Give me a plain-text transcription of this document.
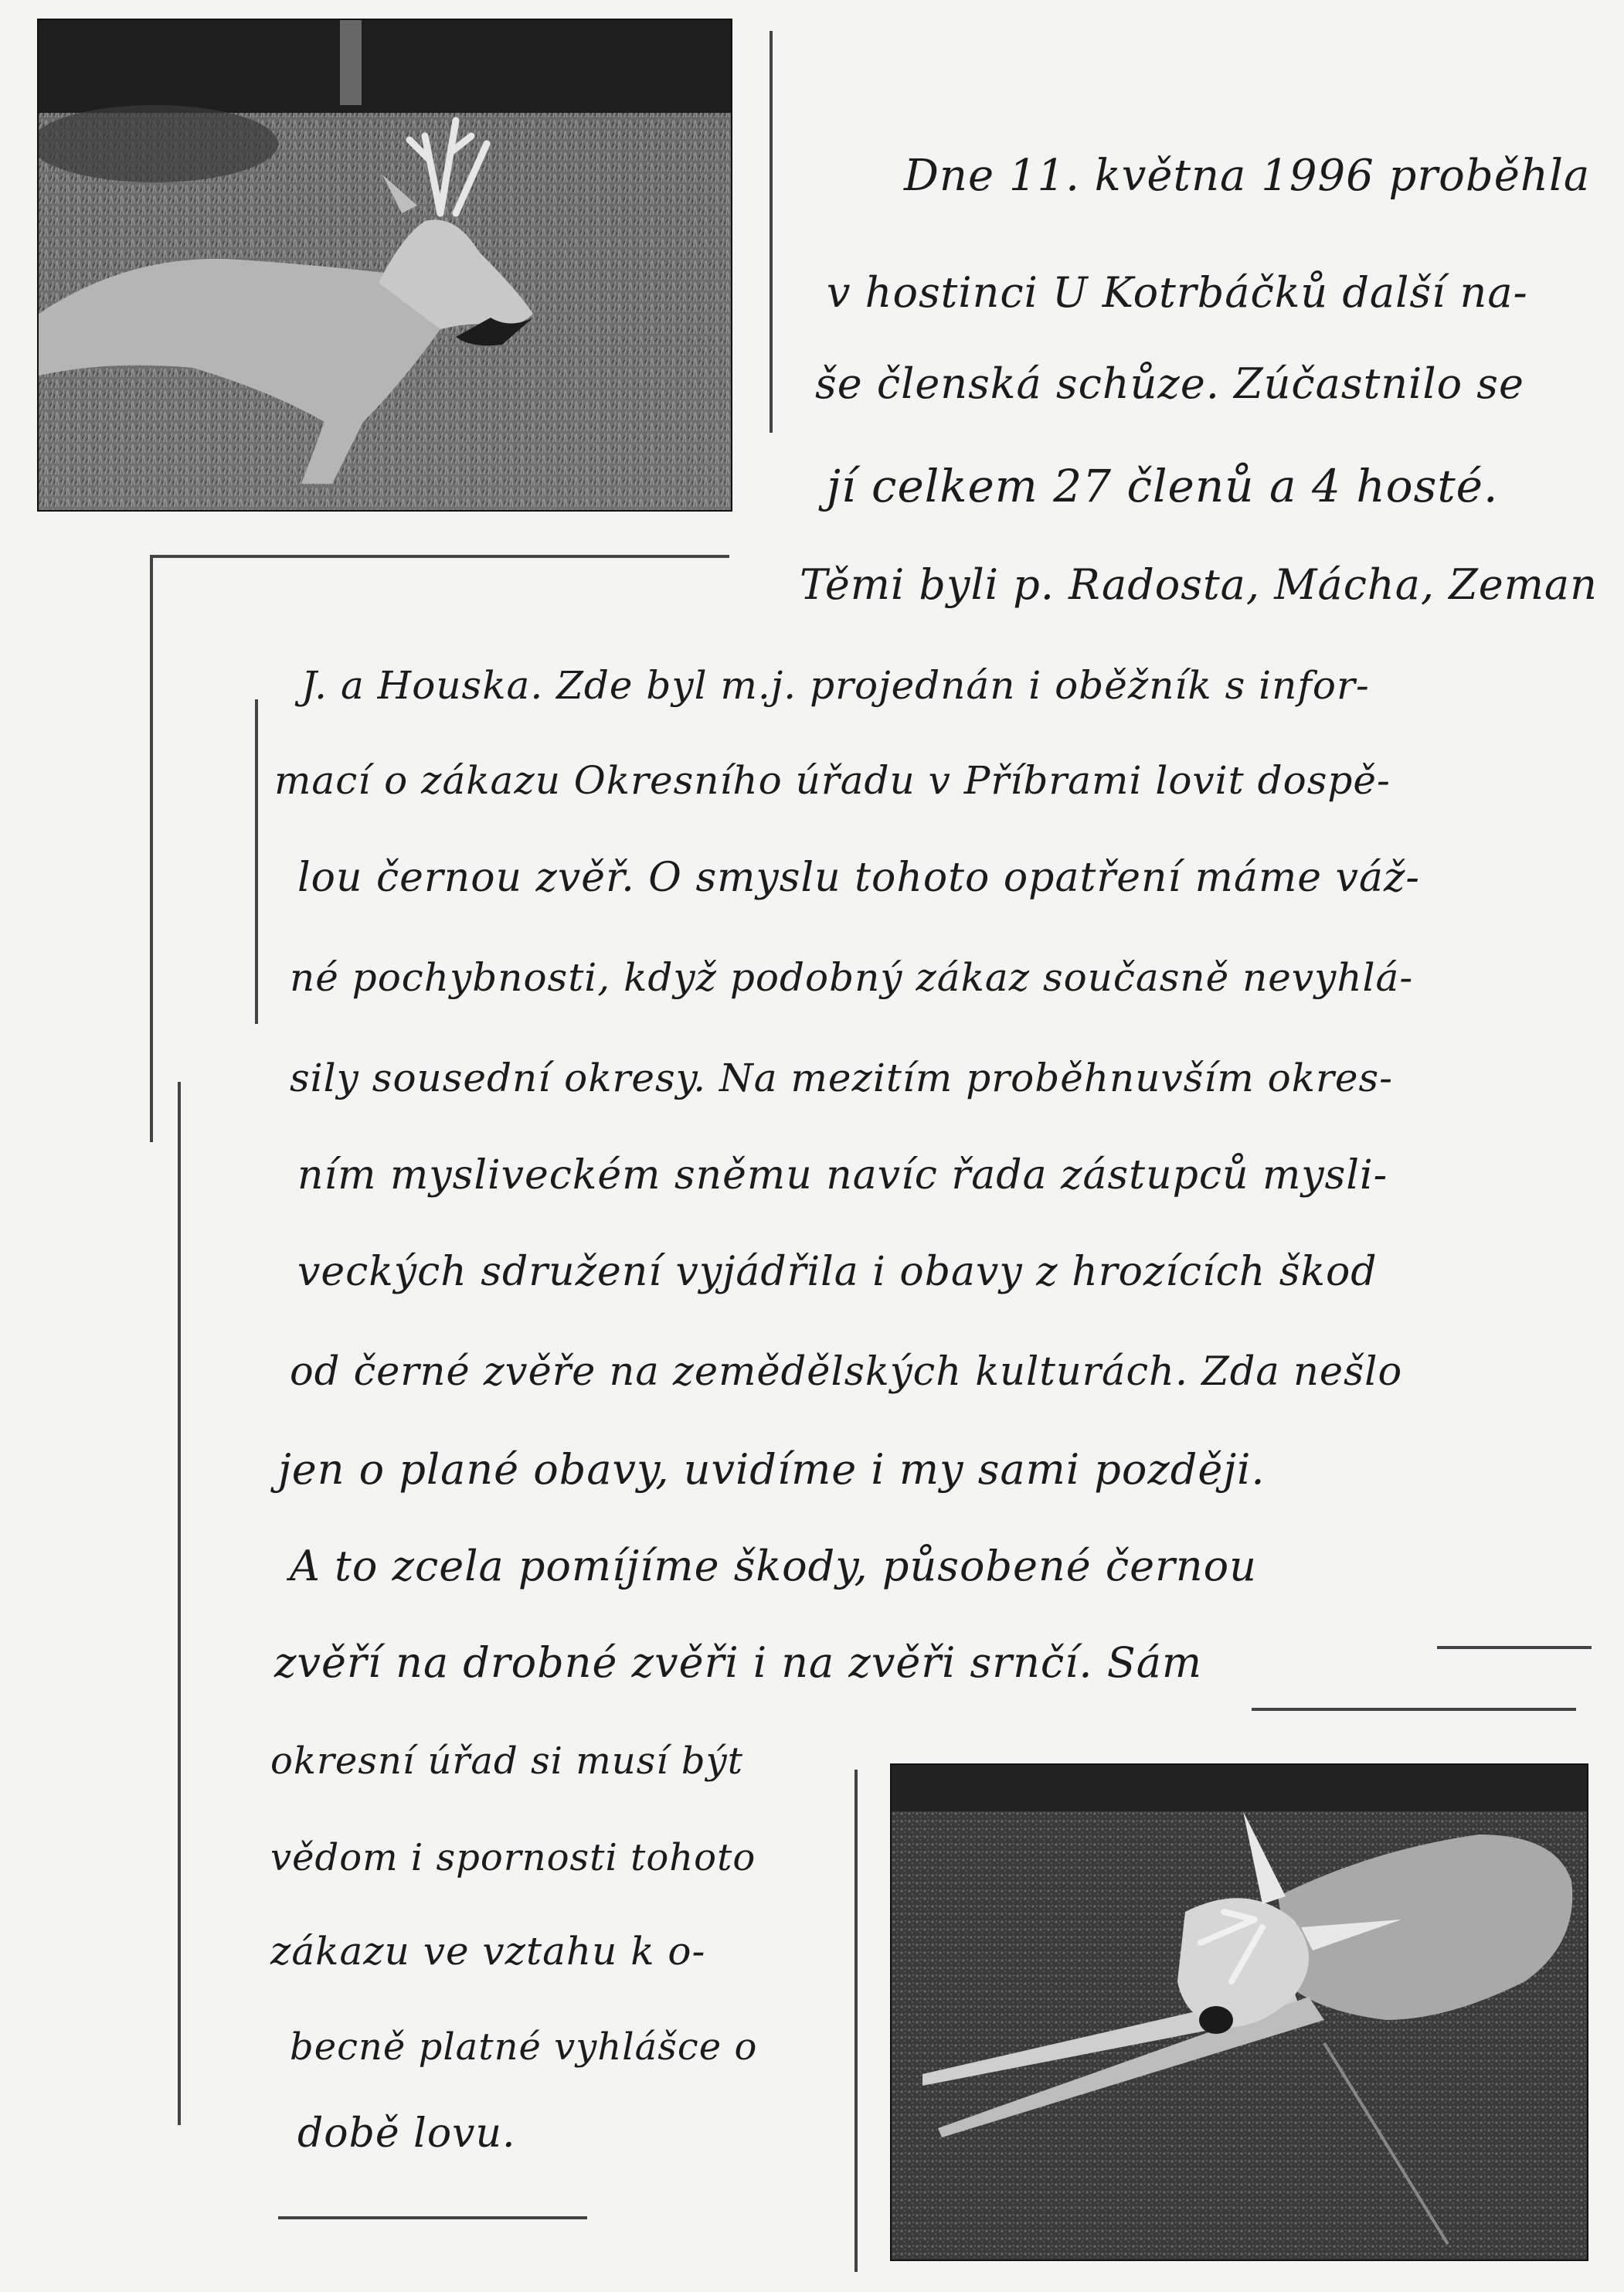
Dne 11. května 1996 proběhla
v hostinci U Kotrbáčků další na-
še členská schůze. Zúčastnilo se
jí celkem 27 členů a 4 hosté.
Těmi byli p. Radosta, Mácha, Zeman
J. a Houska. Zde byl m.j. projednán i oběžník s infor-
mací o zákazu Okresního úřadu v Příbrami lovit dospě-
lou černou zvěř. O smyslu tohoto opatření máme váž-
né pochybnosti, když podobný zákaz současně nevyhlá-
sily sousední okresy. Na mezitím proběhnuvším okres-
ním mysliveckém sněmu navíc řada zástupců mysli-
veckých sdružení vyjádřila i obavy z hrozících škod
od černé zvěře na zemědělských kulturách. Zda nešlo
jen o plané obavy, uvidíme i my sami později.
A to zcela pomíjíme škody, působené černou
zvěří na drobné zvěři i na zvěři srnčí. Sám
okresní úřad si musí být
vědom i spornosti tohoto
zákazu ve vztahu k o-
becně platné vyhlášce o
době lovu.
